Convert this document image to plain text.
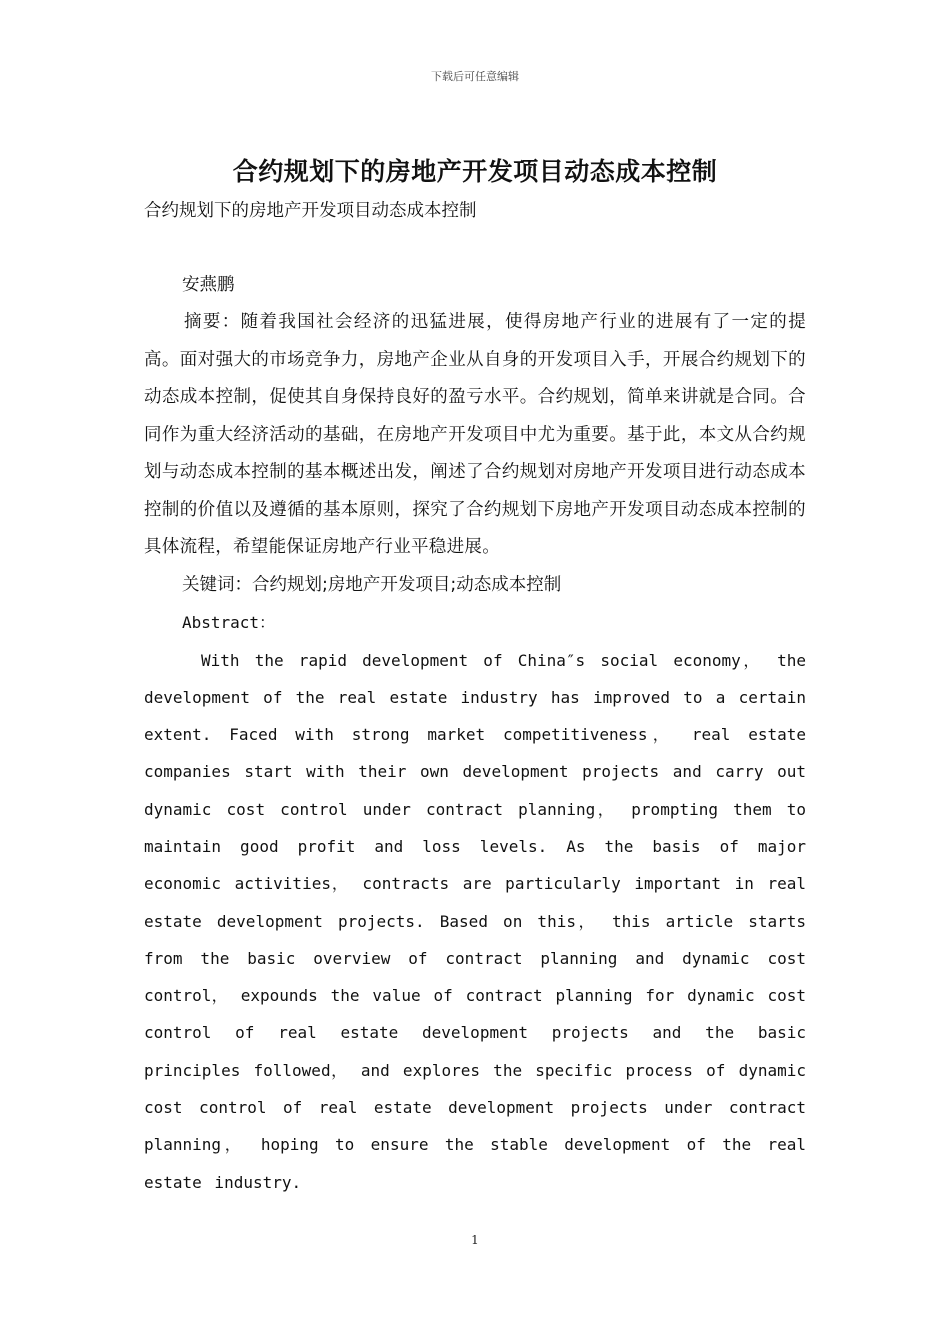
下载后可任意编辑
合约规划下的房地产开发项目动态成本控制

合约规划下的房地产开发项目动态成本控制

安燕鹏

摘要：随着我国社会经济的迅猛进展，使得房地产行业的进展有了一定的提高。面对强大的市场竞争力，房地产企业从自身的开发项目入手，开展合约规划下的动态成本控制，促使其自身保持良好的盈亏水平。合约规划，简单来讲就是合同。合同作为重大经济活动的基础，在房地产开发项目中尤为重要。基于此，本文从合约规划与动态成本控制的基本概述出发，阐述了合约规划对房地产开发项目进行动态成本控制的价值以及遵循的基本原则，探究了合约规划下房地产开发项目动态成本控制的具体流程，希望能保证房地产行业平稳进展。

关键词：合约规划;房地产开发项目;动态成本控制

Abstract：

With the rapid development of China″s social economy， the development of the real estate industry has improved to a certain extent. Faced with strong market competitiveness， real estate companies start with their own development projects and carry out dynamic cost control under contract planning， prompting them to maintain good profit and loss levels. As the basis of major economic activities， contracts are particularly important in real estate development projects. Based on this， this article starts from the basic overview of contract planning and dynamic cost control， expounds the value of contract planning for dynamic cost control of real estate development projects and the basic principles followed， and explores the specific process of dynamic cost control of real estate development projects under contract planning， hoping to ensure the stable development of the real estate industry.

1
